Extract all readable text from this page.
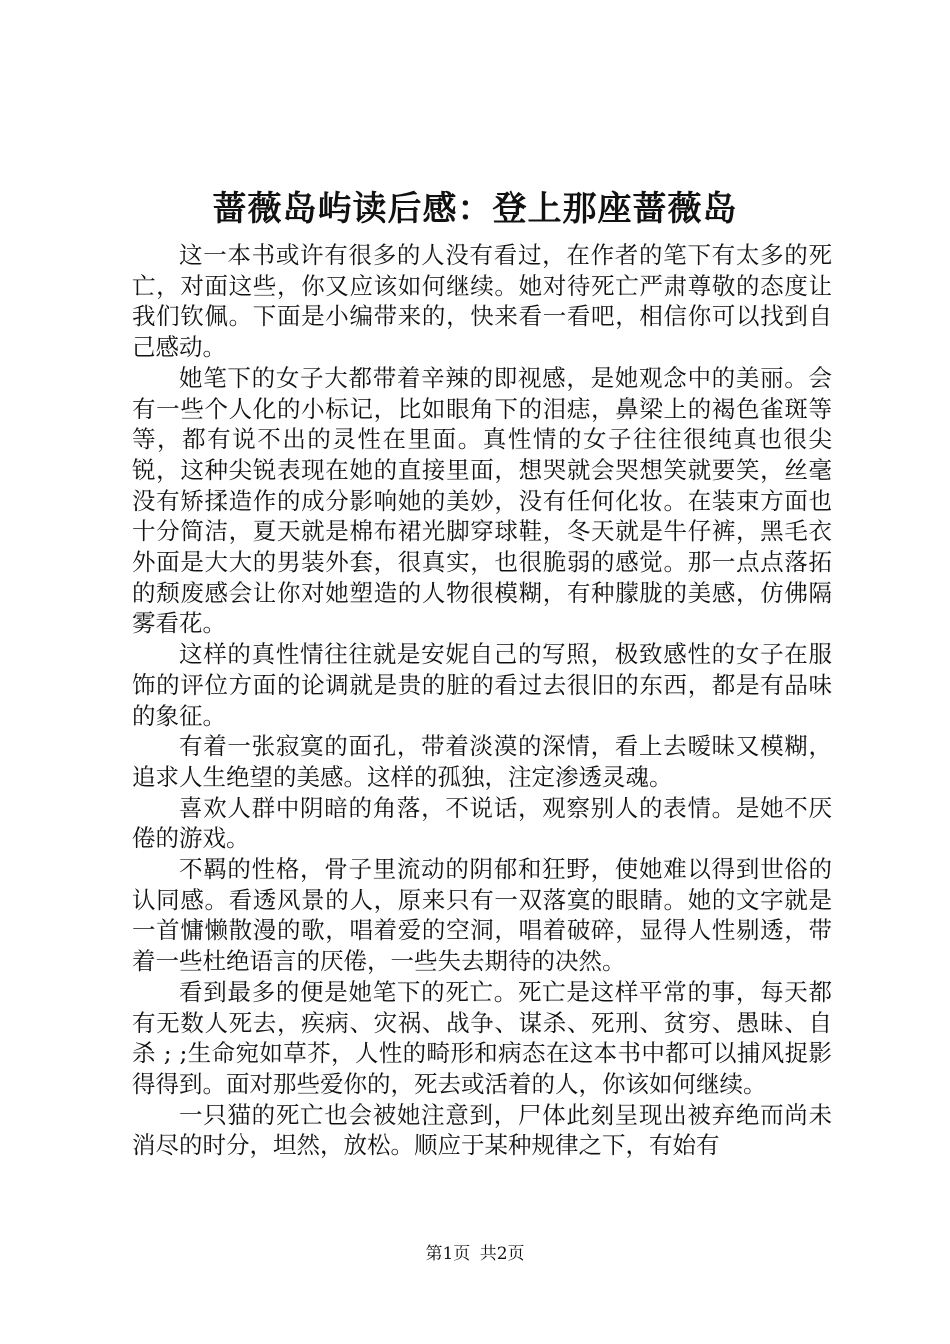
蔷薇岛屿读后感：登上那座蔷薇岛

这一本书或许有很多的人没有看过，在作者的笔下有太多的死亡，对面这些，你又应该如何继续。她对待死亡严肃尊敬的态度让我们钦佩。下面是小编带来的，快来看一看吧，相信你可以找到自己感动。

她笔下的女子大都带着辛辣的即视感，是她观念中的美丽。会有一些个人化的小标记，比如眼角下的泪痣，鼻梁上的褐色雀斑等等，都有说不出的灵性在里面。真性情的女子往往很纯真也很尖锐，这种尖锐表现在她的直接里面，想哭就会哭想笑就要笑，丝毫没有矫揉造作的成分影响她的美妙，没有任何化妆。在装束方面也十分简洁，夏天就是棉布裙光脚穿球鞋，冬天就是牛仔裤，黑毛衣外面是大大的男装外套，很真实，也很脆弱的感觉。那一点点落拓的颓废感会让你对她塑造的人物很模糊，有种朦胧的美感，仿佛隔雾看花。

这样的真性情往往就是安妮自己的写照，极致感性的女子在服饰的评位方面的论调就是贵的脏的看过去很旧的东西，都是有品味的象征。

有着一张寂寞的面孔，带着淡漠的深情，看上去暧昧又模糊，追求人生绝望的美感。这样的孤独，注定渗透灵魂。

喜欢人群中阴暗的角落，不说话，观察别人的表情。是她不厌倦的游戏。

不羁的性格，骨子里流动的阴郁和狂野，使她难以得到世俗的认同感。看透风景的人，原来只有一双落寞的眼睛。她的文字就是一首慵懒散漫的歌，唱着爱的空洞，唱着破碎，显得人性剔透，带着一些杜绝语言的厌倦，一些失去期待的决然。

看到最多的便是她笔下的死亡。死亡是这样平常的事，每天都有无数人死去，疾病、灾祸、战争、谋杀、死刑、贫穷、愚昧、自杀 ; ;生命宛如草芥，人性的畸形和病态在这本书中都可以捕风捉影得得到。面对那些爱你的，死去或活着的人，你该如何继续。

一只猫的死亡也会被她注意到，尸体此刻呈现出被弃绝而尚未消尽的时分，坦然，放松。顺应于某种规律之下，有始有

第1页 共2页
